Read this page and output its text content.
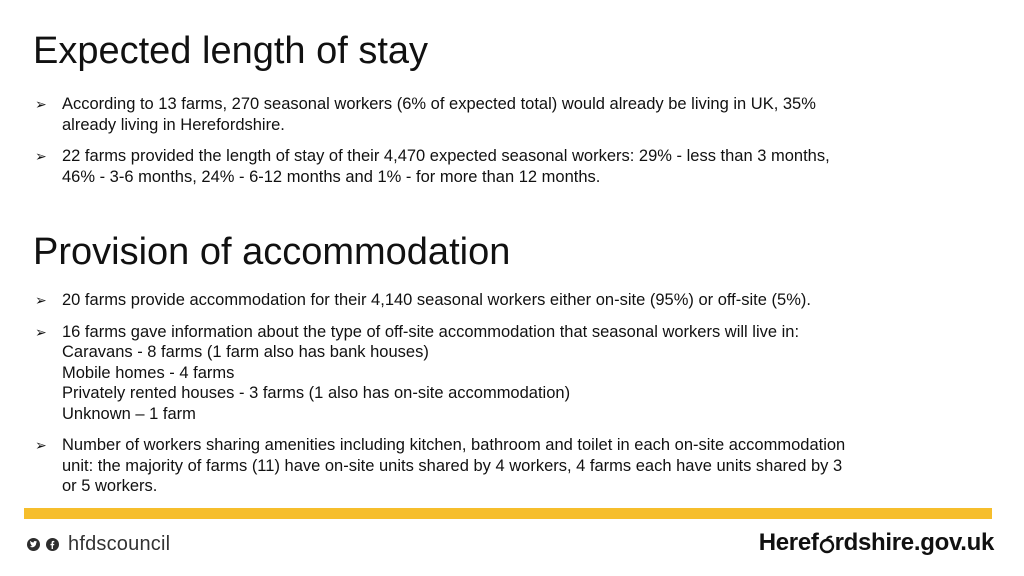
Expected length of stay
➢ According to 13 farms, 270 seasonal workers (6% of expected total) would already be living in UK, 35%
already living in Herefordshire.
➢ 22 farms provided the length of stay of their 4,470 expected seasonal workers: 29% - less than 3 months,
46% - 3-6 months, 24% - 6-12 months and 1% - for more than 12 months.
Provision of accommodation
➢ 20 farms provide accommodation for their 4,140 seasonal workers either on-site (95%) or off-site (5%).
➢ 16 farms gave information about the type of off-site accommodation that seasonal workers will live in:
Caravans - 8 farms (1 farm also has bank houses)
Mobile homes - 4 farms
Privately rented houses - 3 farms (1 also has on-site accommodation)
Unknown – 1 farm
➢ Number of workers sharing amenities including kitchen, bathroom and toilet in each on-site accommodation
unit: the majority of farms (11) have on-site units shared by 4 workers, 4 farms each have units shared by 3
or 5 workers.
hfdscouncil	Heref rdshire.gov.uk
